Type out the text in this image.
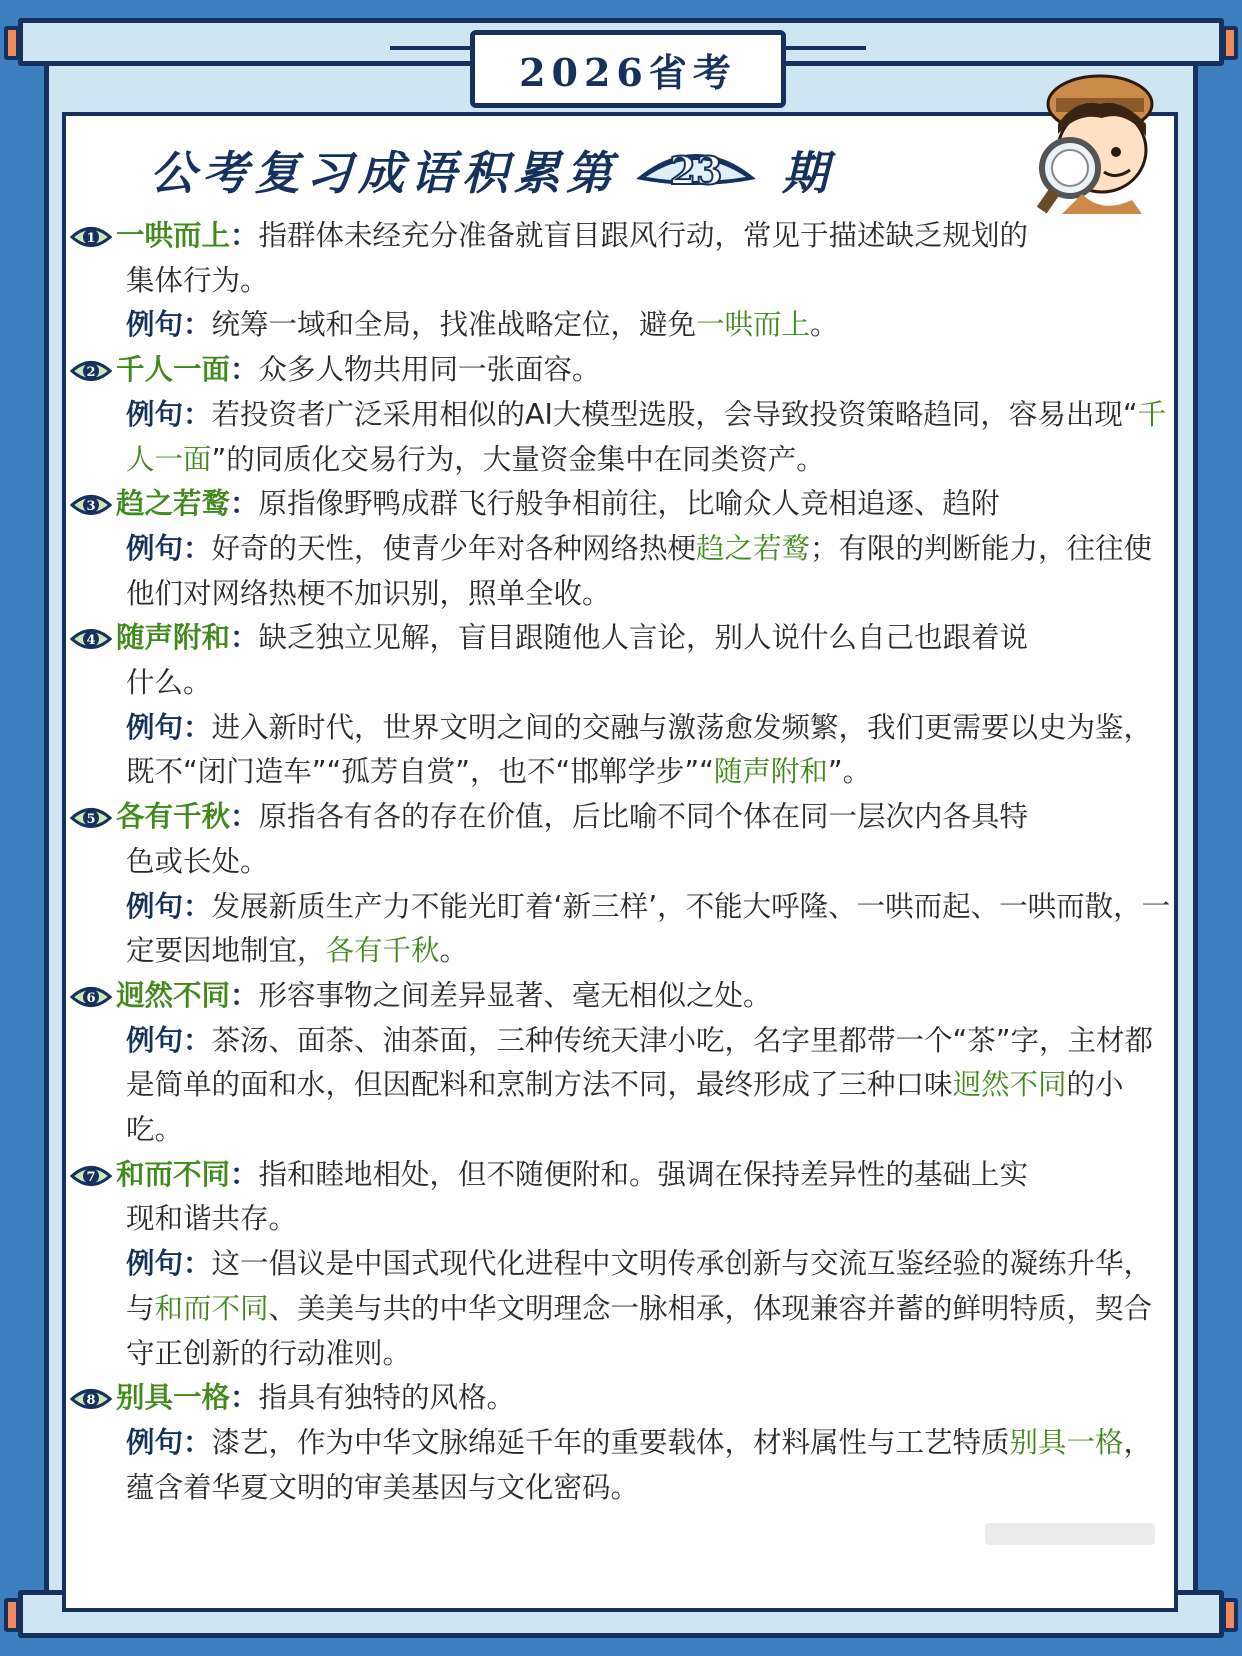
2026省考
公考复习成语积累第	23	期
1 一哄而上：指群体未经充分准备就盲目跟风行动，常见于描述缺乏规划的
集体行为。
例句：统筹一域和全局，找准战略定位，避免一哄而上。
2 千人一面：众多人物共用同一张面容。
例句：若投资者广泛采用相似的AI大模型选股，会导致投资策略趋同，容易出现“千人一面”的同质化交易行为，大量资金集中在同类资产。
3 趋之若鹜：原指像野鸭成群飞行般争相前往，比喻众人竞相追逐、趋附
例句：好奇的天性，使青少年对各种网络热梗趋之若鹜；有限的判断能力，往往使他们对网络热梗不加识别，照单全收。
4 随声附和：缺乏独立见解，盲目跟随他人言论，别人说什么自己也跟着说
什么。
例句：进入新时代，世界文明之间的交融与激荡愈发频繁，我们更需要以史为鉴，既不“闭门造车”“孤芳自赏”，也不“邯郸学步”“随声附和”。
5 各有千秋：原指各有各的存在价值，后比喻不同个体在同一层次内各具特
色或长处。
例句：发展新质生产力不能光盯着‘新三样’，不能大呼隆、一哄而起、一哄而散，一定要因地制宜，各有千秋。
6 迥然不同：形容事物之间差异显著、毫无相似之处。
例句：茶汤、面茶、油茶面，三种传统天津小吃，名字里都带一个“茶”字，主材都是简单的面和水，但因配料和烹制方法不同，最终形成了三种口味迥然不同的小吃。
7 和而不同：指和睦地相处，但不随便附和。强调在保持差异性的基础上实
现和谐共存。
例句：这一倡议是中国式现代化进程中文明传承创新与交流互鉴经验的凝练升华，与和而不同、美美与共的中华文明理念一脉相承，体现兼容并蓄的鲜明特质，契合守正创新的行动准则。
8 别具一格：指具有独特的风格。
例句：漆艺，作为中华文脉绵延千年的重要载体，材料属性与工艺特质别具一格，蕴含着华夏文明的审美基因与文化密码。
